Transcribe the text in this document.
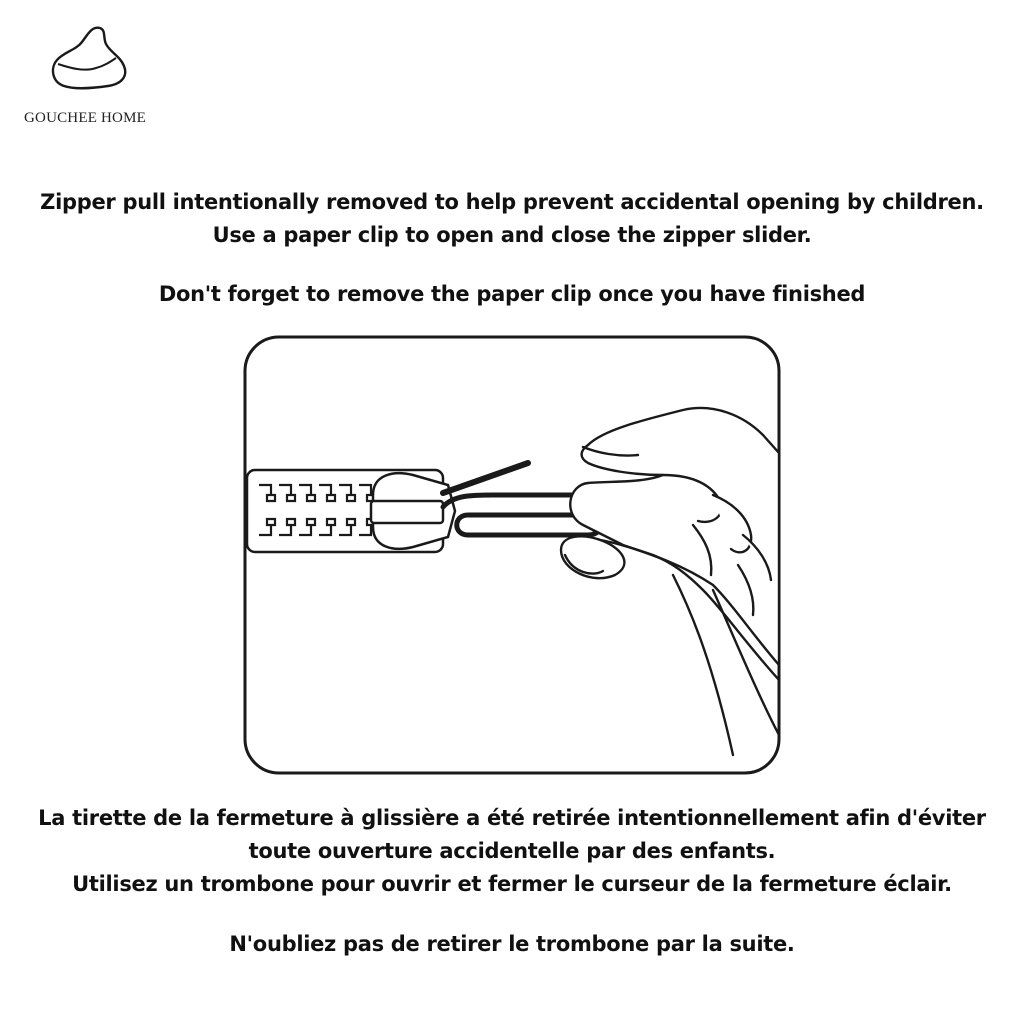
GOUCHEE HOME
Zipper pull intentionally removed to help prevent accidental opening by children.
Use a paper clip to open and close the zipper slider.
Don't forget to remove the paper clip once you have finished
La tirette de la fermeture à glissière a été retirée intentionnellement afin d'éviter
toute ouverture accidentelle par des enfants.
Utilisez un trombone pour ouvrir et fermer le curseur de la fermeture éclair.
N'oubliez pas de retirer le trombone par la suite.
